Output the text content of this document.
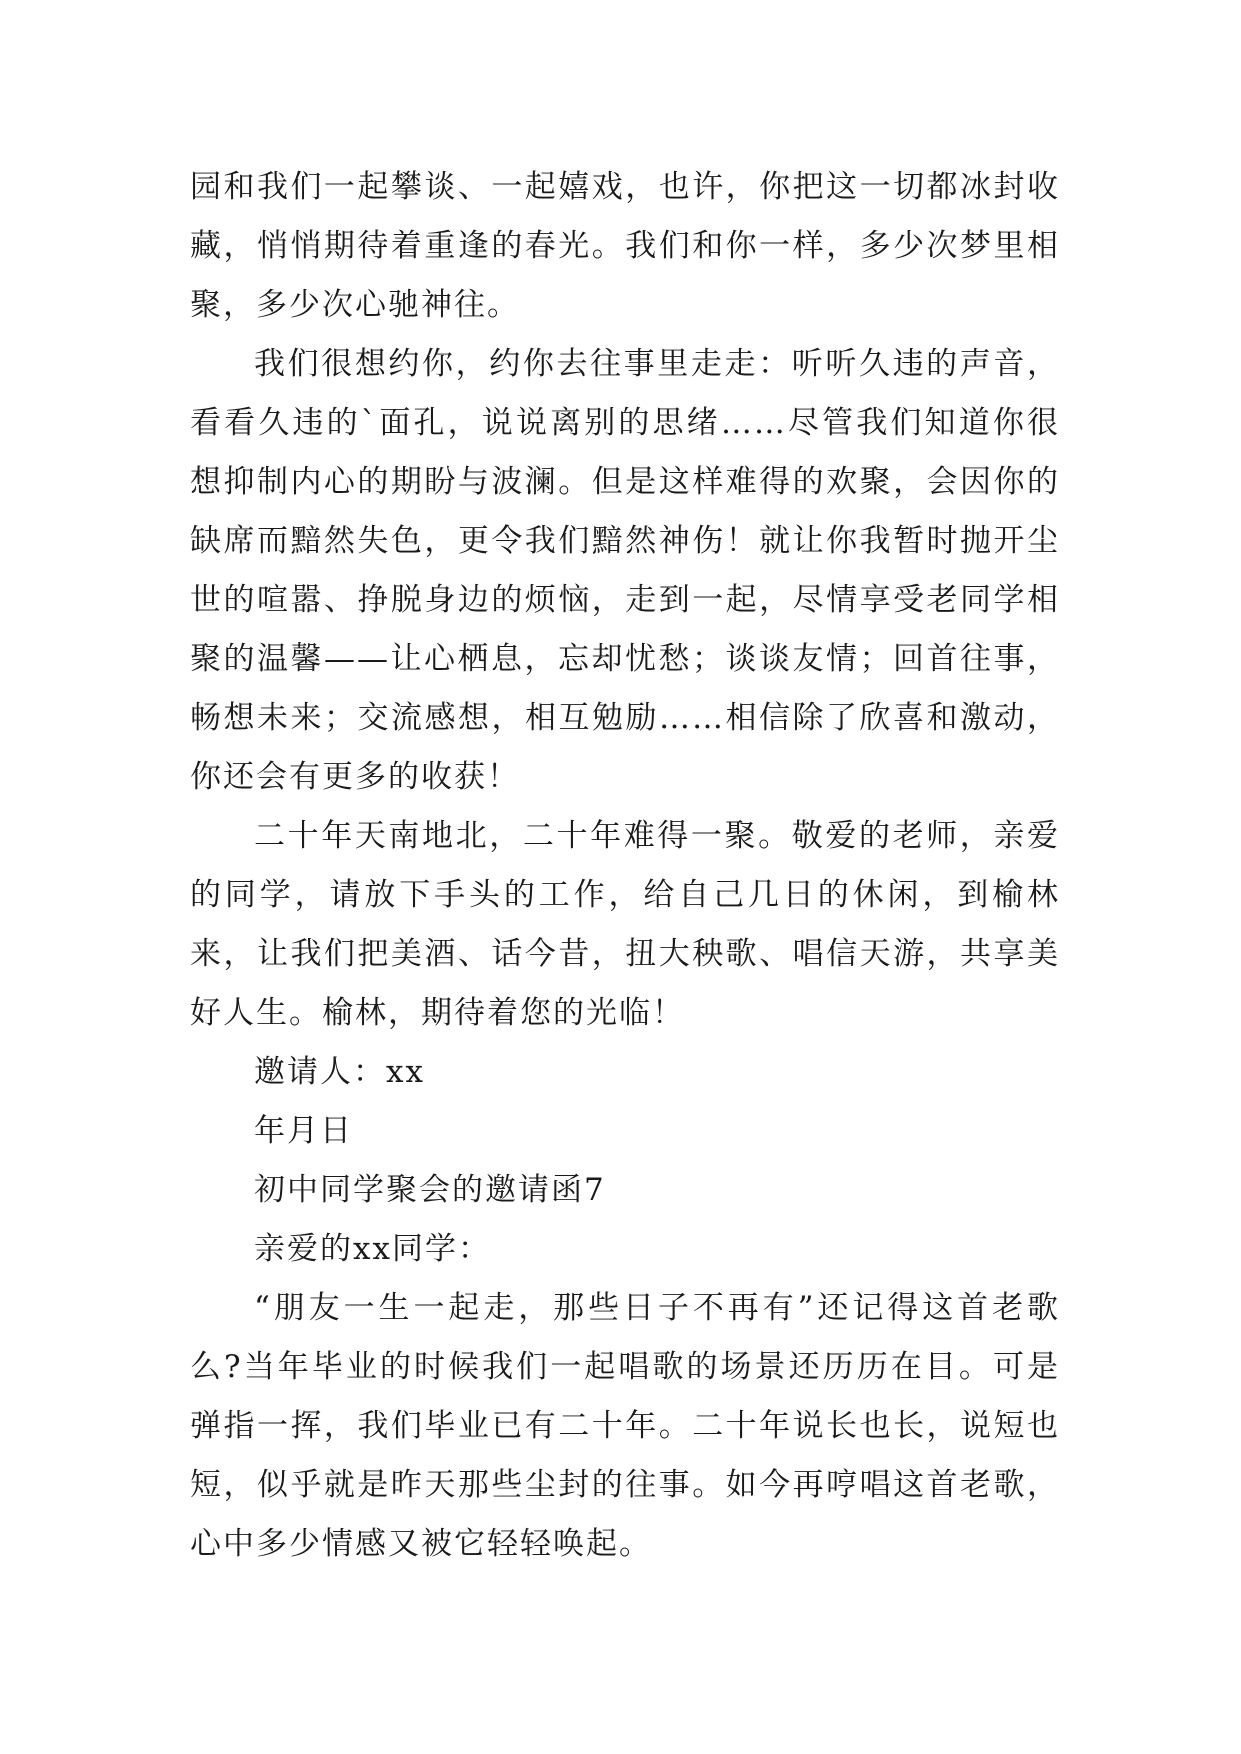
园和我们一起攀谈、一起嬉戏，也许，你把这一切都冰封收藏，悄悄期待着重逢的春光。我们和你一样，多少次梦里相聚，多少次心驰神往。

我们很想约你，约你去往事里走走：听听久违的声音，看看久违的`面孔，说说离别的思绪……尽管我们知道你很想抑制内心的期盼与波澜。但是这样难得的欢聚，会因你的缺席而黯然失色，更令我们黯然神伤！就让你我暂时抛开尘世的喧嚣、挣脱身边的烦恼，走到一起，尽情享受老同学相聚的温馨——让心栖息，忘却忧愁；谈谈友情；回首往事，畅想未来；交流感想，相互勉励……相信除了欣喜和激动，你还会有更多的收获！

二十年天南地北，二十年难得一聚。敬爱的老师，亲爱的同学，请放下手头的工作，给自己几日的休闲，到榆林来，让我们把美酒、话今昔，扭大秧歌、唱信天游，共享美好人生。榆林，期待着您的光临！

邀请人：xx

年月日

初中同学聚会的邀请函7

亲爱的xx同学：

“朋友一生一起走，那些日子不再有”还记得这首老歌么?当年毕业的时候我们一起唱歌的场景还历历在目。可是弹指一挥，我们毕业已有二十年。二十年说长也长，说短也短，似乎就是昨天那些尘封的往事。如今再哼唱这首老歌，心中多少情感又被它轻轻唤起。
